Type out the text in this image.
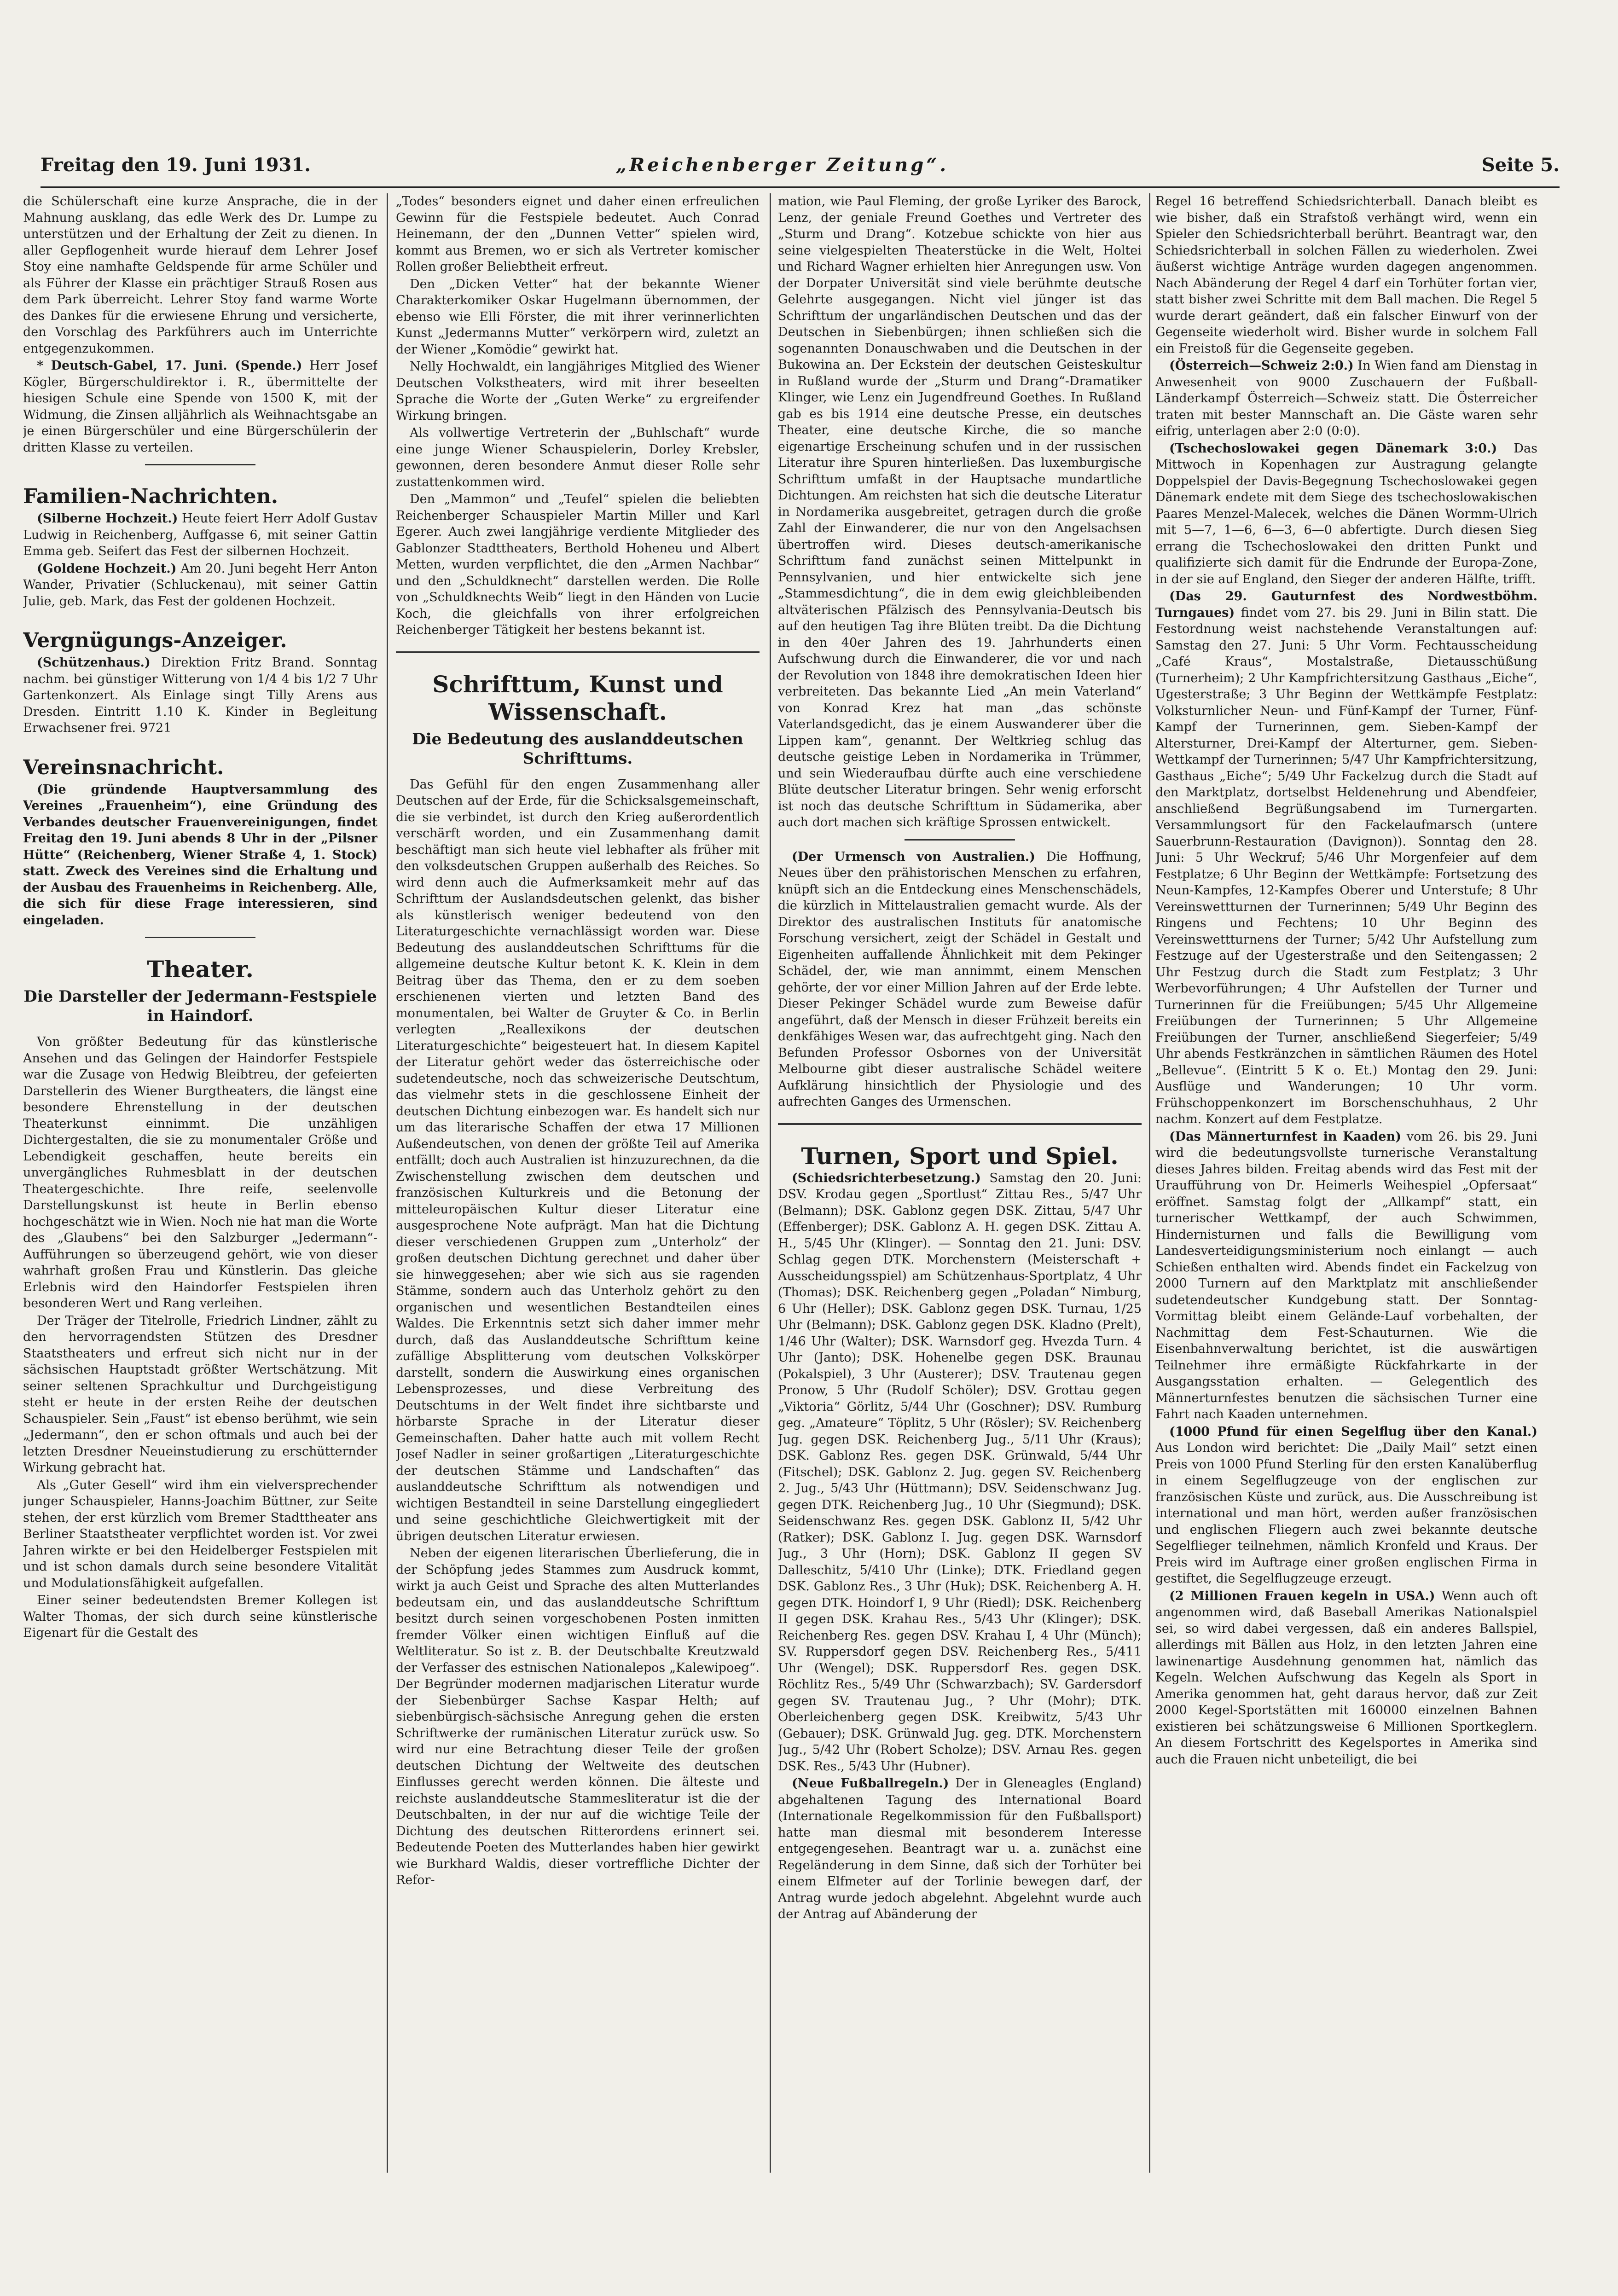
Freitag den 19. Juni 1931.	„Reichenberger Zeitung“.	Seite 5.

die Schülerschaft eine kurze Ansprache, die in der Mahnung ausklang, das edle Werk des Dr. Lumpe zu unterstützen und der Erhaltung der Zeit zu dienen. In aller Gepflogenheit wurde hierauf dem Lehrer Josef Stoy eine namhafte Geldspende für arme Schüler und als Führer der Klasse ein prächtiger Strauß Rosen aus dem Park überreicht. Lehrer Stoy fand warme Worte des Dankes für die erwiesene Ehrung und versicherte, den Vorschlag des Parkführers auch im Unterrichte entgegenzukommen.

* Deutsch-Gabel, 17. Juni. (Spende.) Herr Josef Kögler, Bürgerschuldirektor i. R., übermittelte der hiesigen Schule eine Spende von 1500 K, mit der Widmung, die Zinsen alljährlich als Weihnachtsgabe an je einen Bürgerschüler und eine Bürgerschülerin der dritten Klasse zu verteilen.

Familien-Nachrichten.

(Silberne Hochzeit.) Heute feiert Herr Adolf Gustav Ludwig in Reichenberg, Auffgasse 6, mit seiner Gattin Emma geb. Seifert das Fest der silbernen Hochzeit.

(Goldene Hochzeit.) Am 20. Juni begeht Herr Anton Wander, Privatier (Schluckenau), mit seiner Gattin Julie, geb. Mark, das Fest der goldenen Hochzeit.

Vergnügungs-Anzeiger.

(Schützenhaus.) Direktion Fritz Brand. Sonntag nachm. bei günstiger Witterung von 1/4 4 bis 1/2 7 Uhr Gartenkonzert. Als Einlage singt Tilly Arens aus Dresden. Eintritt 1.10 K. Kinder in Begleitung Erwachsener frei. 9721

Vereinsnachricht.

(Die gründende Hauptversammlung des Vereines „Frauenheim“), eine Gründung des Verbandes deutscher Frauenvereinigungen, findet Freitag den 19. Juni abends 8 Uhr in der „Pilsner Hütte“ (Reichenberg, Wiener Straße 4, 1. Stock) statt. Zweck des Vereines sind die Erhaltung und der Ausbau des Frauenheims in Reichenberg. Alle, die sich für diese Frage interessieren, sind eingeladen.

Theater.
Die Darsteller der Jedermann-Festspiele in Haindorf.

Von größter Bedeutung für das künstlerische Ansehen und das Gelingen der Haindorfer Festspiele war die Zusage von Hedwig Bleibtreu, der gefeierten Darstellerin des Wiener Burgtheaters, die längst eine besondere Ehrenstellung in der deutschen Theaterkunst einnimmt. Die unzähligen Dichtergestalten, die sie zu monumentaler Größe und Lebendigkeit geschaffen, heute bereits ein unvergängliches Ruhmesblatt in der deutschen Theatergeschichte. Ihre reife, seelenvolle Darstellungskunst ist heute in Berlin ebenso hochgeschätzt wie in Wien. Noch nie hat man die Worte des „Glaubens“ bei den Salzburger „Jedermann“-Aufführungen so überzeugend gehört, wie von dieser wahrhaft großen Frau und Künstlerin. Das gleiche Erlebnis wird den Haindorfer Festspielen ihren besonderen Wert und Rang verleihen.

Der Träger der Titelrolle, Friedrich Lindner, zählt zu den hervorragendsten Stützen des Dresdner Staatstheaters und erfreut sich nicht nur in der sächsischen Hauptstadt größter Wertschätzung. Mit seiner seltenen Sprachkultur und Durchgeistigung steht er heute in der ersten Reihe der deutschen Schauspieler. Sein „Faust“ ist ebenso berühmt, wie sein „Jedermann“, den er schon oftmals und auch bei der letzten Dresdner Neueinstudierung zu erschütternder Wirkung gebracht hat.

Als „Guter Gesell“ wird ihm ein vielversprechender junger Schauspieler, Hanns-Joachim Büttner, zur Seite stehen, der erst kürzlich vom Bremer Stadttheater ans Berliner Staatstheater verpflichtet worden ist. Vor zwei Jahren wirkte er bei den Heidelberger Festspielen mit und ist schon damals durch seine besondere Vitalität und Modulationsfähigkeit aufgefallen.

Einer seiner bedeutendsten Bremer Kollegen ist Walter Thomas, der sich durch seine künstlerische Eigenart für die Gestalt des

„Todes“ besonders eignet und daher einen erfreulichen Gewinn für die Festspiele bedeutet. Auch Conrad Heinemann, der den „Dunnen Vetter“ spielen wird, kommt aus Bremen, wo er sich als Vertreter komischer Rollen großer Beliebtheit erfreut.

Den „Dicken Vetter“ hat der bekannte Wiener Charakterkomiker Oskar Hugelmann übernommen, der ebenso wie Elli Förster, die mit ihrer verinnerlichten Kunst „Jedermanns Mutter“ verkörpern wird, zuletzt an der Wiener „Komödie“ gewirkt hat.

Nelly Hochwaldt, ein langjähriges Mitglied des Wiener Deutschen Volkstheaters, wird mit ihrer beseelten Sprache die Worte der „Guten Werke“ zu ergreifender Wirkung bringen.

Als vollwertige Vertreterin der „Buhlschaft“ wurde eine junge Wiener Schauspielerin, Dorley Krebsler, gewonnen, deren besondere Anmut dieser Rolle sehr zustattenkommen wird.

Den „Mammon“ und „Teufel“ spielen die beliebten Reichenberger Schauspieler Martin Miller und Karl Egerer. Auch zwei langjährige verdiente Mitglieder des Gablonzer Stadttheaters, Berthold Hoheneu und Albert Metten, wurden verpflichtet, die den „Armen Nachbar“ und den „Schuldknecht“ darstellen werden. Die Rolle von „Schuldknechts Weib“ liegt in den Händen von Lucie Koch, die gleichfalls von ihrer erfolgreichen Reichenberger Tätigkeit her bestens bekannt ist.

Schrifttum, Kunst und Wissenschaft.
Die Bedeutung des auslanddeutschen Schrifttums.

Das Gefühl für den engen Zusammenhang aller Deutschen auf der Erde, für die Schicksalsgemeinschaft, die sie verbindet, ist durch den Krieg außerordentlich verschärft worden, und ein Zusammenhang damit beschäftigt man sich heute viel lebhafter als früher mit den volksdeutschen Gruppen außerhalb des Reiches. So wird denn auch die Aufmerksamkeit mehr auf das Schrifttum der Auslandsdeutschen gelenkt, das bisher als künstlerisch weniger bedeutend von den Literaturgeschichte vernachlässigt worden war. Diese Bedeutung des auslanddeutschen Schrifttums für die allgemeine deutsche Kultur betont K. K. Klein in dem Beitrag über das Thema, den er zu dem soeben erschienenen vierten und letzten Band des monumentalen, bei Walter de Gruyter & Co. in Berlin verlegten „Reallexikons der deutschen Literaturgeschichte“ beigesteuert hat. In diesem Kapitel der Literatur gehört weder das österreichische oder sudetendeutsche, noch das schweizerische Deutschtum, das vielmehr stets in die geschlossene Einheit der deutschen Dichtung einbezogen war. Es handelt sich nur um das literarische Schaffen der etwa 17 Millionen Außendeutschen, von denen der größte Teil auf Amerika entfällt; doch auch Australien ist hinzuzurechnen, da die Zwischenstellung zwischen dem deutschen und französischen Kulturkreis und die Betonung der mitteleuropäischen Kultur dieser Literatur eine ausgesprochene Note aufprägt. Man hat die Dichtung dieser verschiedenen Gruppen zum „Unterholz“ der großen deutschen Dichtung gerechnet und daher über sie hinweggesehen; aber wie sich aus sie ragenden Stämme, sondern auch das Unterholz gehört zu den organischen und wesentlichen Bestandteilen eines Waldes. Die Erkenntnis setzt sich daher immer mehr durch, daß das Auslanddeutsche Schrifttum keine zufällige Absplitterung vom deutschen Volkskörper darstellt, sondern die Auswirkung eines organischen Lebensprozesses, und diese Verbreitung des Deutschtums in der Welt findet ihre sichtbarste und hörbarste Sprache in der Literatur dieser Gemeinschaften. Daher hatte auch mit vollem Recht Josef Nadler in seiner großartigen „Literaturgeschichte der deutschen Stämme und Landschaften“ das auslanddeutsche Schrifttum als notwendigen und wichtigen Bestandteil in seine Darstellung eingegliedert und seine geschichtliche Gleichwertigkeit mit der übrigen deutschen Literatur erwiesen.

Neben der eigenen literarischen Überlieferung, die in der Schöpfung jedes Stammes zum Ausdruck kommt, wirkt ja auch Geist und Sprache des alten Mutterlandes bedeutsam ein, und das auslanddeutsche Schrifttum besitzt durch seinen vorgeschobenen Posten inmitten fremder Völker einen wichtigen Einfluß auf die Weltliteratur. So ist z. B. der Deutschbalte Kreutzwald der Verfasser des estnischen Nationalepos „Kalewipoeg“. Der Begründer modernen madjarischen Literatur wurde der Siebenbürger Sachse Kaspar Helth; auf siebenbürgisch-sächsische Anregung gehen die ersten Schriftwerke der rumänischen Literatur zurück usw. So wird nur eine Betrachtung dieser Teile der großen deutschen Dichtung der Weltweite des deutschen Einflusses gerecht werden können. Die älteste und reichste auslanddeutsche Stammesliteratur ist die der Deutschbalten, in der nur auf die wichtige Teile der Dichtung des deutschen Ritterordens erinnert sei. Bedeutende Poeten des Mutterlandes haben hier gewirkt wie Burkhard Waldis, dieser vortreffliche Dichter der Refor-

mation, wie Paul Fleming, der große Lyriker des Barock, Lenz, der geniale Freund Goethes und Vertreter des „Sturm und Drang“. Kotzebue schickte von hier aus seine vielgespielten Theaterstücke in die Welt, Holtei und Richard Wagner erhielten hier Anregungen usw. Von der Dorpater Universität sind viele berühmte deutsche Gelehrte ausgegangen. Nicht viel jünger ist das Schrifttum der ungarländischen Deutschen und das der Deutschen in Siebenbürgen; ihnen schließen sich die sogenannten Donauschwaben und die Deutschen in der Bukowina an. Der Eckstein der deutschen Geisteskultur in Rußland wurde der „Sturm und Drang“-Dramatiker Klinger, wie Lenz ein Jugendfreund Goethes. In Rußland gab es bis 1914 eine deutsche Presse, ein deutsches Theater, eine deutsche Kirche, die so manche eigenartige Erscheinung schufen und in der russischen Literatur ihre Spuren hinterließen. Das luxemburgische Schrifttum umfaßt in der Hauptsache mundartliche Dichtungen. Am reichsten hat sich die deutsche Literatur in Nordamerika ausgebreitet, getragen durch die große Zahl der Einwanderer, die nur von den Angelsachsen übertroffen wird. Dieses deutsch-amerikanische Schrifttum fand zunächst seinen Mittelpunkt in Pennsylvanien, und hier entwickelte sich jene „Stammesdichtung“, die in dem ewig gleichbleibenden altväterischen Pfälzisch des Pennsylvania-Deutsch bis auf den heutigen Tag ihre Blüten treibt. Da die Dichtung in den 40er Jahren des 19. Jahrhunderts einen Aufschwung durch die Einwanderer, die vor und nach der Revolution von 1848 ihre demokratischen Ideen hier verbreiteten. Das bekannte Lied „An mein Vaterland“ von Konrad Krez hat man „das schönste Vaterlandsgedicht, das je einem Auswanderer über die Lippen kam“, genannt. Der Weltkrieg schlug das deutsche geistige Leben in Nordamerika in Trümmer, und sein Wiederaufbau dürfte auch eine verschiedene Blüte deutscher Literatur bringen. Sehr wenig erforscht ist noch das deutsche Schrifttum in Südamerika, aber auch dort machen sich kräftige Sprossen entwickelt.

(Der Urmensch von Australien.) Die Hoffnung, Neues über den prähistorischen Menschen zu erfahren, knüpft sich an die Entdeckung eines Menschenschädels, die kürzlich in Mittelaustralien gemacht wurde. Als der Direktor des australischen Instituts für anatomische Forschung versichert, zeigt der Schädel in Gestalt und Eigenheiten auffallende Ähnlichkeit mit dem Pekinger Schädel, der, wie man annimmt, einem Menschen gehörte, der vor einer Million Jahren auf der Erde lebte. Dieser Pekinger Schädel wurde zum Beweise dafür angeführt, daß der Mensch in dieser Frühzeit bereits ein denkfähiges Wesen war, das aufrechtgeht ging. Nach den Befunden Professor Osbornes von der Universität Melbourne gibt dieser australische Schädel weitere Aufklärung hinsichtlich der Physiologie und des aufrechten Ganges des Urmenschen.

Turnen, Sport und Spiel.

(Schiedsrichterbesetzung.) Samstag den 20. Juni: DSV. Krodau gegen „Sportlust“ Zittau Res., 5/47 Uhr (Belmann); DSK. Gablonz gegen DSK. Zittau, 5/47 Uhr (Effenberger); DSK. Gablonz A. H. gegen DSK. Zittau A. H., 5/45 Uhr (Klinger). — Sonntag den 21. Juni: DSV. Schlag gegen DTK. Morchenstern (Meisterschaft + Ausscheidungsspiel) am Schützenhaus-Sportplatz, 4 Uhr (Thomas); DSK. Reichenberg gegen „Poladan“ Nimburg, 6 Uhr (Heller); DSK. Gablonz gegen DSK. Turnau, 1/25 Uhr (Belmann); DSK. Gablonz gegen DSK. Kladno (Prelt), 1/46 Uhr (Walter); DSK. Warnsdorf geg. Hvezda Turn. 4 Uhr (Janto); DSK. Hohenelbe gegen DSK. Braunau (Pokalspiel), 3 Uhr (Austerer); DSV. Trautenau gegen Pronow, 5 Uhr (Rudolf Schöler); DSV. Grottau gegen „Viktoria“ Görlitz, 5/44 Uhr (Goschner); DSV. Rumburg geg. „Amateure“ Töplitz, 5 Uhr (Rösler); SV. Reichenberg Jug. gegen DSK. Reichenberg Jug., 5/11 Uhr (Kraus); DSK. Gablonz Res. gegen DSK. Grünwald, 5/44 Uhr (Fitschel); DSK. Gablonz 2. Jug. gegen SV. Reichenberg 2. Jug., 5/43 Uhr (Hüttmann); DSV. Seidenschwanz Jug. gegen DTK. Reichenberg Jug., 10 Uhr (Siegmund); DSK. Seidenschwanz Res. gegen DSK. Gablonz II, 5/42 Uhr (Ratker); DSK. Gablonz I. Jug. gegen DSK. Warnsdorf Jug., 3 Uhr (Horn); DSK. Gablonz II gegen SV Dalleschitz, 5/410 Uhr (Linke); DTK. Friedland gegen DSK. Gablonz Res., 3 Uhr (Huk); DSK. Reichenberg A. H. gegen DTK. Hoindorf I, 9 Uhr (Riedl); DSK. Reichenberg II gegen DSK. Krahau Res., 5/43 Uhr (Klinger); DSK. Reichenberg Res. gegen DSV. Krahau I, 4 Uhr (Münch); SV. Ruppersdorf gegen DSV. Reichenberg Res., 5/411 Uhr (Wengel); DSK. Ruppersdorf Res. gegen DSK. Röchlitz Res., 5/49 Uhr (Schwarzbach); SV. Gardersdorf gegen SV. Trautenau Jug., ? Uhr (Mohr); DTK. Oberleichenberg gegen DSK. Kreibwitz, 5/43 Uhr (Gebauer); DSK. Grünwald Jug. geg. DTK. Morchenstern Jug., 5/42 Uhr (Robert Scholze); DSV. Arnau Res. gegen DSK. Res., 5/43 Uhr (Hubner).

(Neue Fußballregeln.) Der in Gleneagles (England) abgehaltenen Tagung des International Board (Internationale Regelkommission für den Fußballsport) hatte man diesmal mit besonderem Interesse entgegengesehen. Beantragt war u. a. zunächst eine Regeländerung in dem Sinne, daß sich der Torhüter bei einem Elfmeter auf der Torlinie bewegen darf, der Antrag wurde jedoch abgelehnt. Abgelehnt wurde auch der Antrag auf Abänderung der

Regel 16 betreffend Schiedsrichterball. Danach bleibt es wie bisher, daß ein Strafstoß verhängt wird, wenn ein Spieler den Schiedsrichterball berührt. Beantragt war, den Schiedsrichterball in solchen Fällen zu wiederholen. Zwei äußerst wichtige Anträge wurden dagegen angenommen. Nach Abänderung der Regel 4 darf ein Torhüter fortan vier, statt bisher zwei Schritte mit dem Ball machen. Die Regel 5 wurde derart geändert, daß ein falscher Einwurf von der Gegenseite wiederholt wird. Bisher wurde in solchem Fall ein Freistoß für die Gegenseite gegeben.

(Österreich—Schweiz 2:0.) In Wien fand am Dienstag in Anwesenheit von 9000 Zuschauern der Fußball-Länderkampf Österreich—Schweiz statt. Die Österreicher traten mit bester Mannschaft an. Die Gäste waren sehr eifrig, unterlagen aber 2:0 (0:0).

(Tschechoslowakei gegen Dänemark 3:0.) Das Mittwoch in Kopenhagen zur Austragung gelangte Doppelspiel der Davis-Begegnung Tschechoslowakei gegen Dänemark endete mit dem Siege des tschechoslowakischen Paares Menzel-Malecek, welches die Dänen Wormm-Ulrich mit 5—7, 1—6, 6—3, 6—0 abfertigte. Durch diesen Sieg errang die Tschechoslowakei den dritten Punkt und qualifizierte sich damit für die Endrunde der Europa-Zone, in der sie auf England, den Sieger der anderen Hälfte, trifft.

(Das 29. Gauturnfest des Nordwestböhm. Turngaues) findet vom 27. bis 29. Juni in Bilin statt. Die Festordnung weist nachstehende Veranstaltungen auf: Samstag den 27. Juni: 5 Uhr Vorm. Fechtausscheidung „Café Kraus“, Mostalstraße, Dietausschüßung (Turnerheim); 2 Uhr Kampfrichtersitzung Gasthaus „Eiche“, Ugesterstraße; 3 Uhr Beginn der Wettkämpfe Festplatz: Volksturnlicher Neun- und Fünf-Kampf der Turner, Fünf-Kampf der Turnerinnen, gem. Sieben-Kampf der Altersturner, Drei-Kampf der Alterturner, gem. Sieben-Wettkampf der Turnerinnen; 5/47 Uhr Kampfrichtersitzung, Gasthaus „Eiche“; 5/49 Uhr Fackelzug durch die Stadt auf den Marktplatz, dortselbst Heldenehrung und Abendfeier, anschließend Begrüßungsabend im Turnergarten. Versammlungsort für den Fackelaufmarsch (untere Sauerbrunn-Restauration (Davignon)). Sonntag den 28. Juni: 5 Uhr Weckruf; 5/46 Uhr Morgenfeier auf dem Festplatze; 6 Uhr Beginn der Wettkämpfe: Fortsetzung des Neun-Kampfes, 12-Kampfes Oberer und Unterstufe; 8 Uhr Vereinswettturnen der Turnerinnen; 5/49 Uhr Beginn des Ringens und Fechtens; 10 Uhr Beginn des Vereinswettturnens der Turner; 5/42 Uhr Aufstellung zum Festzuge auf der Ugesterstraße und den Seitengassen; 2 Uhr Festzug durch die Stadt zum Festplatz; 3 Uhr Werbevorführungen; 4 Uhr Aufstellen der Turner und Turnerinnen für die Freiübungen; 5/45 Uhr Allgemeine Freiübungen der Turnerinnen; 5 Uhr Allgemeine Freiübungen der Turner, anschließend Siegerfeier; 5/49 Uhr abends Festkränzchen in sämtlichen Räumen des Hotel „Bellevue“. (Eintritt 5 K o. Et.) Montag den 29. Juni: Ausflüge und Wanderungen; 10 Uhr vorm. Frühschoppenkonzert im Borschenschuhhaus, 2 Uhr nachm. Konzert auf dem Festplatze.

(Das Männerturnfest in Kaaden) vom 26. bis 29. Juni wird die bedeutungsvollste turnerische Veranstaltung dieses Jahres bilden. Freitag abends wird das Fest mit der Uraufführung von Dr. Heimerls Weihespiel „Opfersaat“ eröffnet. Samstag folgt der „Allkampf“ statt, ein turnerischer Wettkampf, der auch Schwimmen, Hindernisturnen und falls die Bewilligung vom Landesverteidigungsministerium noch einlangt — auch Schießen enthalten wird. Abends findet ein Fackelzug von 2000 Turnern auf den Marktplatz mit anschließender sudetendeutscher Kundgebung statt. Der Sonntag-Vormittag bleibt einem Gelände-Lauf vorbehalten, der Nachmittag dem Fest-Schauturnen. Wie die Eisenbahnverwaltung berichtet, ist die auswärtigen Teilnehmer ihre ermäßigte Rückfahrkarte in der Ausgangsstation erhalten. — Gelegentlich des Männerturnfestes benutzen die sächsischen Turner eine Fahrt nach Kaaden unternehmen.

(1000 Pfund für einen Segelflug über den Kanal.) Aus London wird berichtet: Die „Daily Mail“ setzt einen Preis von 1000 Pfund Sterling für den ersten Kanalüberflug in einem Segelflugzeuge von der englischen zur französischen Küste und zurück, aus. Die Ausschreibung ist international und man hört, werden außer französischen und englischen Fliegern auch zwei bekannte deutsche Segelflieger teilnehmen, nämlich Kronfeld und Kraus. Der Preis wird im Auftrage einer großen englischen Firma in gestiftet, die Segelflugzeuge erzeugt.

(2 Millionen Frauen kegeln in USA.) Wenn auch oft angenommen wird, daß Baseball Amerikas Nationalspiel sei, so wird dabei vergessen, daß ein anderes Ballspiel, allerdings mit Bällen aus Holz, in den letzten Jahren eine lawinenartige Ausdehnung genommen hat, nämlich das Kegeln. Welchen Aufschwung das Kegeln als Sport in Amerika genommen hat, geht daraus hervor, daß zur Zeit 2000 Kegel-Sportstätten mit 160000 einzelnen Bahnen existieren bei schätzungsweise 6 Millionen Sportkeglern. An diesem Fortschritt des Kegelsportes in Amerika sind auch die Frauen nicht unbeteiligt, die bei
